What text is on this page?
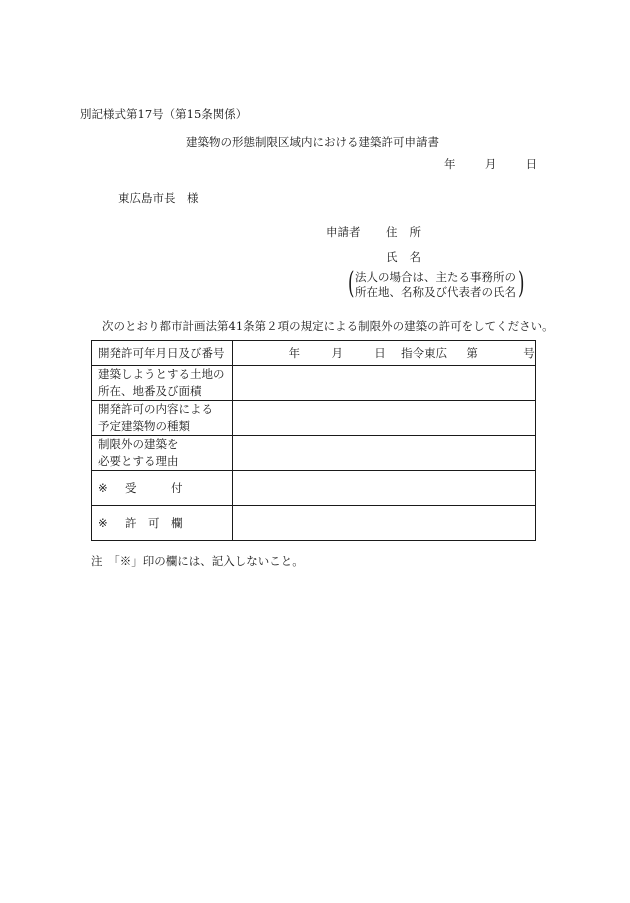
別記様式第17号（第15条関係）
建築物の形態制限区域内における建築許可申請書
年	月	日
東広島市長　様
申請者 住所
氏名
( 法人の場合は、主たる事務所の
所在地、名称及び代表者の氏名 )
次のとおり都市計画法第41条第２項の規定による制限外の建築の許可をしてください。
開発許可年月日及び番号	年 月 日 指令東広 第 号

建築しようとする土地の
所在、地番及び面積	

開発許可の内容による
予定建築物の種類	

制限外の建築を
必要とする理由	

※ 受　　　付	
※ 許　可　欄	
注　「※」印の欄には、記入しないこと。
